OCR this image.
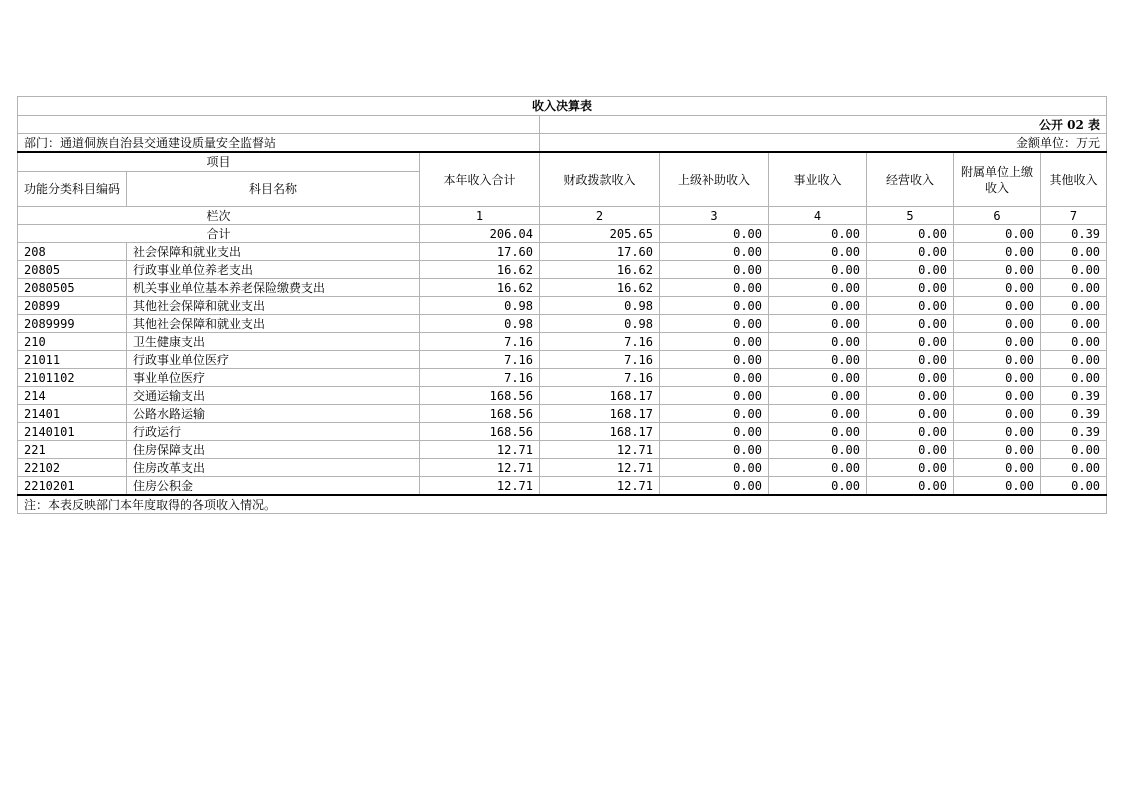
收入决算表								
			公开 02 表					
部门：通道侗族自治县交通建设质量安全监督站			金额单位：万元					
项目		本年收入合计	财政拨款收入	上级补助收入	事业收入	经营收入	附属单位上缴收入	其他收入
功能分类科目编码	科目名称							
栏次		1	2	3	4	5	6	7
合计		206.04	205.65	0.00	0.00	0.00	0.00	0.39
208	社会保障和就业支出	17.60	17.60	0.00	0.00	0.00	0.00	0.00
20805	行政事业单位养老支出	16.62	16.62	0.00	0.00	0.00	0.00	0.00
2080505	机关事业单位基本养老保险缴费支出	16.62	16.62	0.00	0.00	0.00	0.00	0.00
20899	其他社会保障和就业支出	0.98	0.98	0.00	0.00	0.00	0.00	0.00
2089999	其他社会保障和就业支出	0.98	0.98	0.00	0.00	0.00	0.00	0.00
210	卫生健康支出	7.16	7.16	0.00	0.00	0.00	0.00	0.00
21011	行政事业单位医疗	7.16	7.16	0.00	0.00	0.00	0.00	0.00
2101102	事业单位医疗	7.16	7.16	0.00	0.00	0.00	0.00	0.00
214	交通运输支出	168.56	168.17	0.00	0.00	0.00	0.00	0.39
21401	公路水路运输	168.56	168.17	0.00	0.00	0.00	0.00	0.39
2140101	行政运行	168.56	168.17	0.00	0.00	0.00	0.00	0.39
221	住房保障支出	12.71	12.71	0.00	0.00	0.00	0.00	0.00
22102	住房改革支出	12.71	12.71	0.00	0.00	0.00	0.00	0.00
2210201	住房公积金	12.71	12.71	0.00	0.00	0.00	0.00	0.00
注：本表反映部门本年度取得的各项收入情况。								
